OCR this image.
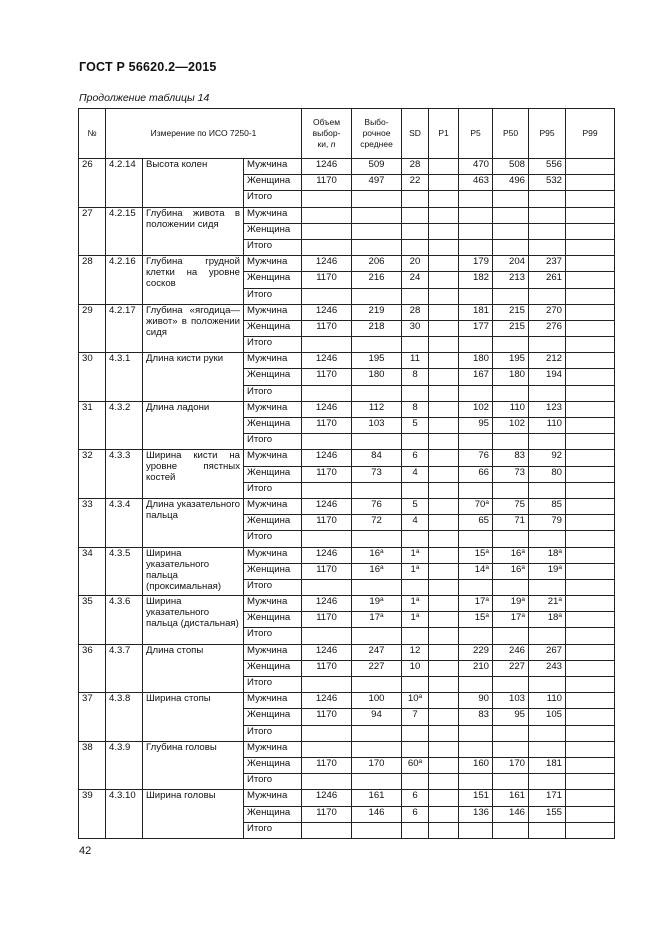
ГОСТ Р 56620.2—2015
Продолжение таблицы 14
№	Измерение по ИСО 7250-1			Объем
выбор-
ки, n	Выбо-
рочное
среднее	SD	P1	P5	P50	P95	P99
26	4.2.14	Высота колен	Мужчина	1246	509	28		470	508	556	
			Женщина	1170	497	22		463	496	532	
			Итого								
27	4.2.15	Глубина живота в положении сидя	Мужчина								
			Женщина								
			Итого								
28	4.2.16	Глубина грудной клетки на уровне сосков	Мужчина	1246	206	20		179	204	237	
			Женщина	1170	216	24		182	213	261	
			Итого								
29	4.2.17	Глубина «ягодица—живот» в положении сидя	Мужчина	1246	219	28		181	215	270	
			Женщина	1170	218	30		177	215	276	
			Итого								
30	4.3.1	Длина кисти руки	Мужчина	1246	195	11		180	195	212	
			Женщина	1170	180	8		167	180	194	
			Итого								
31	4.3.2	Длина ладони	Мужчина	1246	112	8		102	110	123	
			Женщина	1170	103	5		95	102	110	
			Итого								
32	4.3.3	Ширина кисти на уровне пястных костей	Мужчина	1246	84	6		76	83	92	
			Женщина	1170	73	4		66	73	80	
			Итого								
33	4.3.4	Длина указательного пальца	Мужчина	1246	76	5		70$^a$	75	85	
			Женщина	1170	72	4		65	71	79	
			Итого								
34	4.3.5	Ширина указательного пальца (проксимальная)	Мужчина	1246	16$^a$	1$^a$		15$^a$	16$^a$	18$^a$	
			Женщина	1170	16$^a$	1$^a$		14$^a$	16$^a$	19$^a$	
			Итого								
35	4.3.6	Ширина указательного пальца (дистальная)	Мужчина	1246	19$^a$	1$^a$		17$^a$	19$^a$	21$^a$	
			Женщина	1170	17$^a$	1$^a$		15$^a$	17$^a$	18$^a$	
			Итого								
36	4.3.7	Длина стопы	Мужчина	1246	247	12		229	246	267	
			Женщина	1170	227	10		210	227	243	
			Итого								
37	4.3.8	Ширина стопы	Мужчина	1246	100	10$^a$		90	103	110	
			Женщина	1170	94	7		83	95	105	
			Итого								
38	4.3.9	Глубина головы	Мужчина								
			Женщина	1170	170	60$^a$		160	170	181	
			Итого								
39	4.3.10	Ширина головы	Мужчина	1246	161	6		151	161	171	
			Женщина	1170	146	6		136	146	155	
			Итого								
42
